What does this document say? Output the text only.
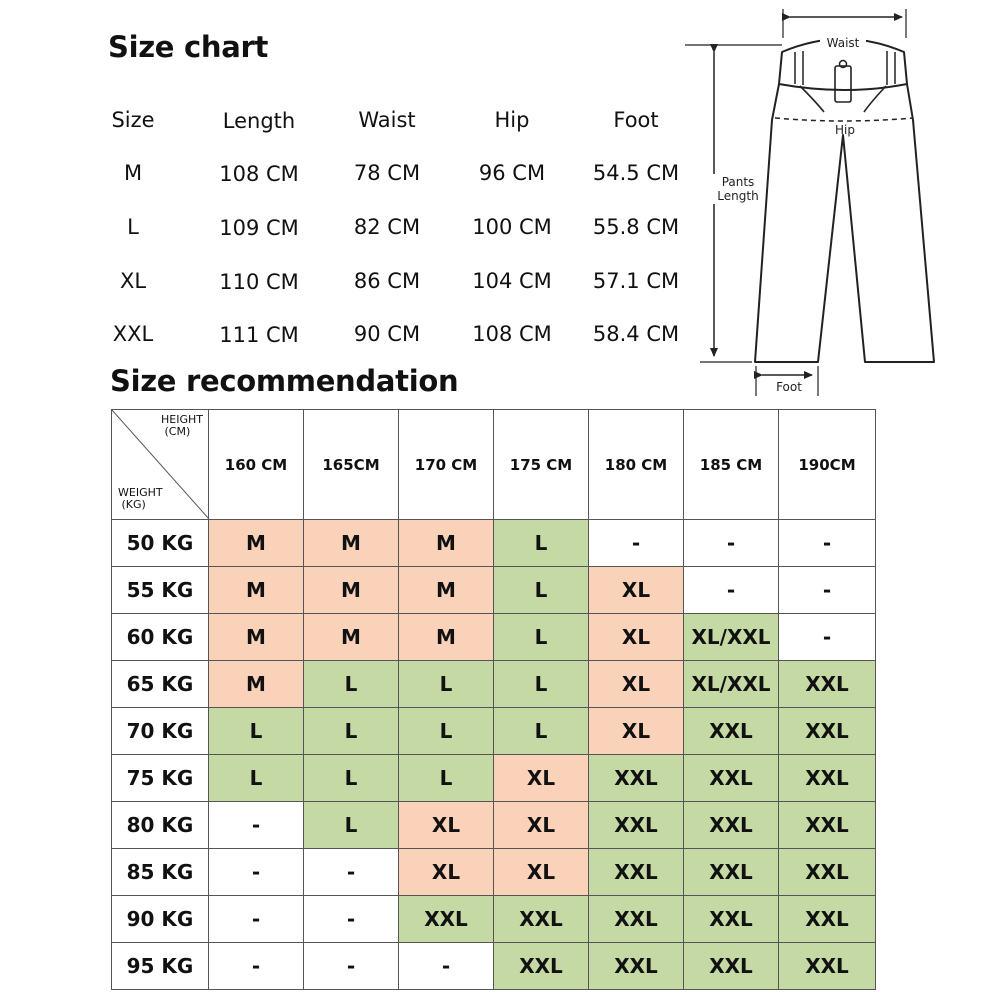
Size chart
Size	Length	Waist	Hip	Foot
M	108 CM	78 CM	96 CM	54.5 CM
L	109 CM	82 CM	100 CM	55.8 CM
XL	110 CM	86 CM	104 CM	57.1 CM
XXL	111 CM	90 CM	108 CM	58.4 CM
Waist
Hip
Pants
Length
Foot
Size recommendation
HEIGHT
(CM)
WEIGHT
(KG)	160 CM	165CM	170 CM	175 CM	180 CM	185 CM	190CM
50 KG	M	M	M	L	-	-	-
55 KG	M	M	M	L	XL	-	-
60 KG	M	M	M	L	XL	XL/XXL	-
65 KG	M	L	L	L	XL	XL/XXL	XXL
70 KG	L	L	L	L	XL	XXL	XXL
75 KG	L	L	L	XL	XXL	XXL	XXL
80 KG	-	L	XL	XL	XXL	XXL	XXL
85 KG	-	-	XL	XL	XXL	XXL	XXL
90 KG	-	-	XXL	XXL	XXL	XXL	XXL
95 KG	-	-	-	XXL	XXL	XXL	XXL
